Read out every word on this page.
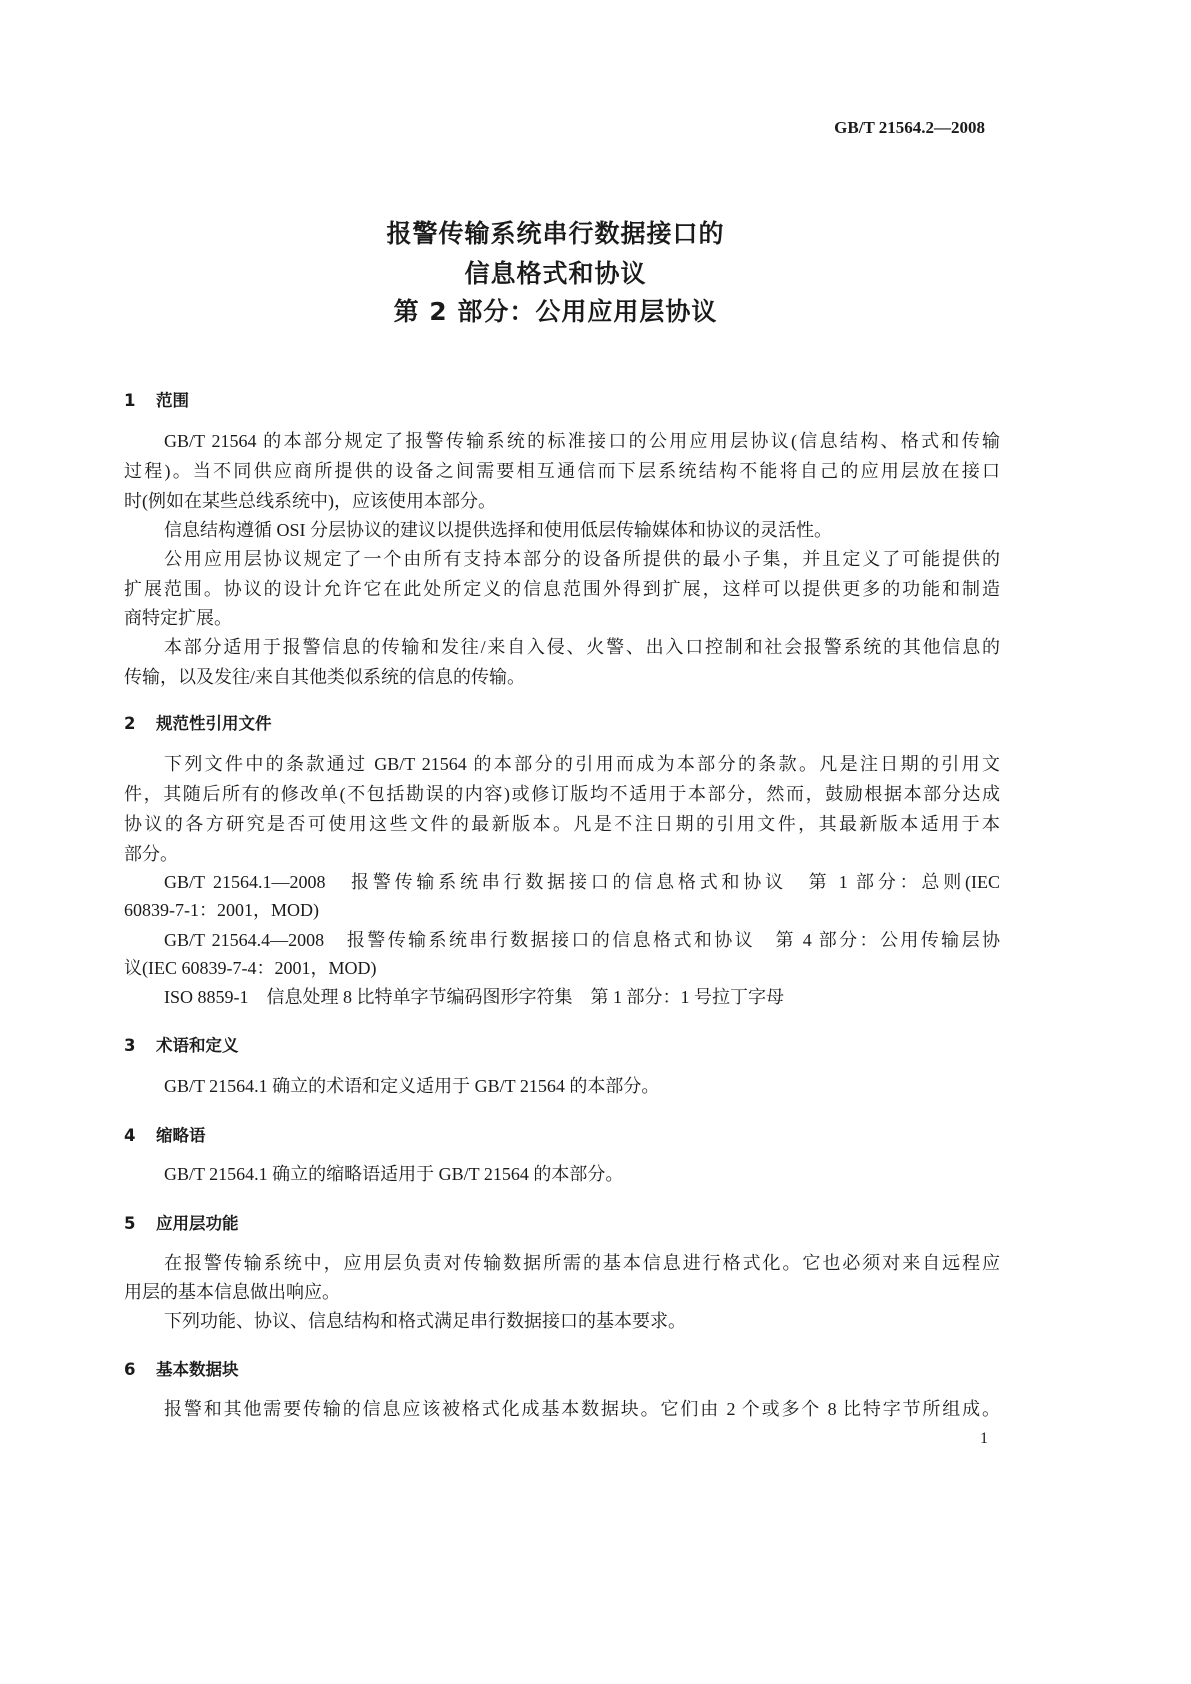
GB/T 21564.2—2008
报警传输系统串行数据接口的
信息格式和协议
第 2 部分：公用应用层协议
1 范围
GB/T 21564 的本部分规定了报警传输系统的标准接口的公用应用层协议(信息结构、格式和传输
过程)。当不同供应商所提供的设备之间需要相互通信而下层系统结构不能将自己的应用层放在接口
时(例如在某些总线系统中)，应该使用本部分。
信息结构遵循 OSI 分层协议的建议以提供选择和使用低层传输媒体和协议的灵活性。
公用应用层协议规定了一个由所有支持本部分的设备所提供的最小子集，并且定义了可能提供的
扩展范围。协议的设计允许它在此处所定义的信息范围外得到扩展，这样可以提供更多的功能和制造
商特定扩展。
本部分适用于报警信息的传输和发往/来自入侵、火警、出入口控制和社会报警系统的其他信息的
传输，以及发往/来自其他类似系统的信息的传输。
2 规范性引用文件
下列文件中的条款通过 GB/T 21564 的本部分的引用而成为本部分的条款。凡是注日期的引用文
件，其随后所有的修改单(不包括勘误的内容)或修订版均不适用于本部分，然而，鼓励根据本部分达成
协议的各方研究是否可使用这些文件的最新版本。凡是不注日期的引用文件，其最新版本适用于本
部分。
GB/T 21564.1—2008　报警传输系统串行数据接口的信息格式和协议　第 1 部分：总则(IEC
60839-7-1：2001，MOD)
GB/T 21564.4—2008　报警传输系统串行数据接口的信息格式和协议　第 4 部分：公用传输层协
议(IEC 60839-7-4：2001，MOD)
ISO 8859-1　信息处理 8 比特单字节编码图形字符集　第 1 部分：1 号拉丁字母
3 术语和定义
GB/T 21564.1 确立的术语和定义适用于 GB/T 21564 的本部分。
4 缩略语
GB/T 21564.1 确立的缩略语适用于 GB/T 21564 的本部分。
5 应用层功能
在报警传输系统中，应用层负责对传输数据所需的基本信息进行格式化。它也必须对来自远程应
用层的基本信息做出响应。
下列功能、协议、信息结构和格式满足串行数据接口的基本要求。
6 基本数据块
报警和其他需要传输的信息应该被格式化成基本数据块。它们由 2 个或多个 8 比特字节所组成。
1
